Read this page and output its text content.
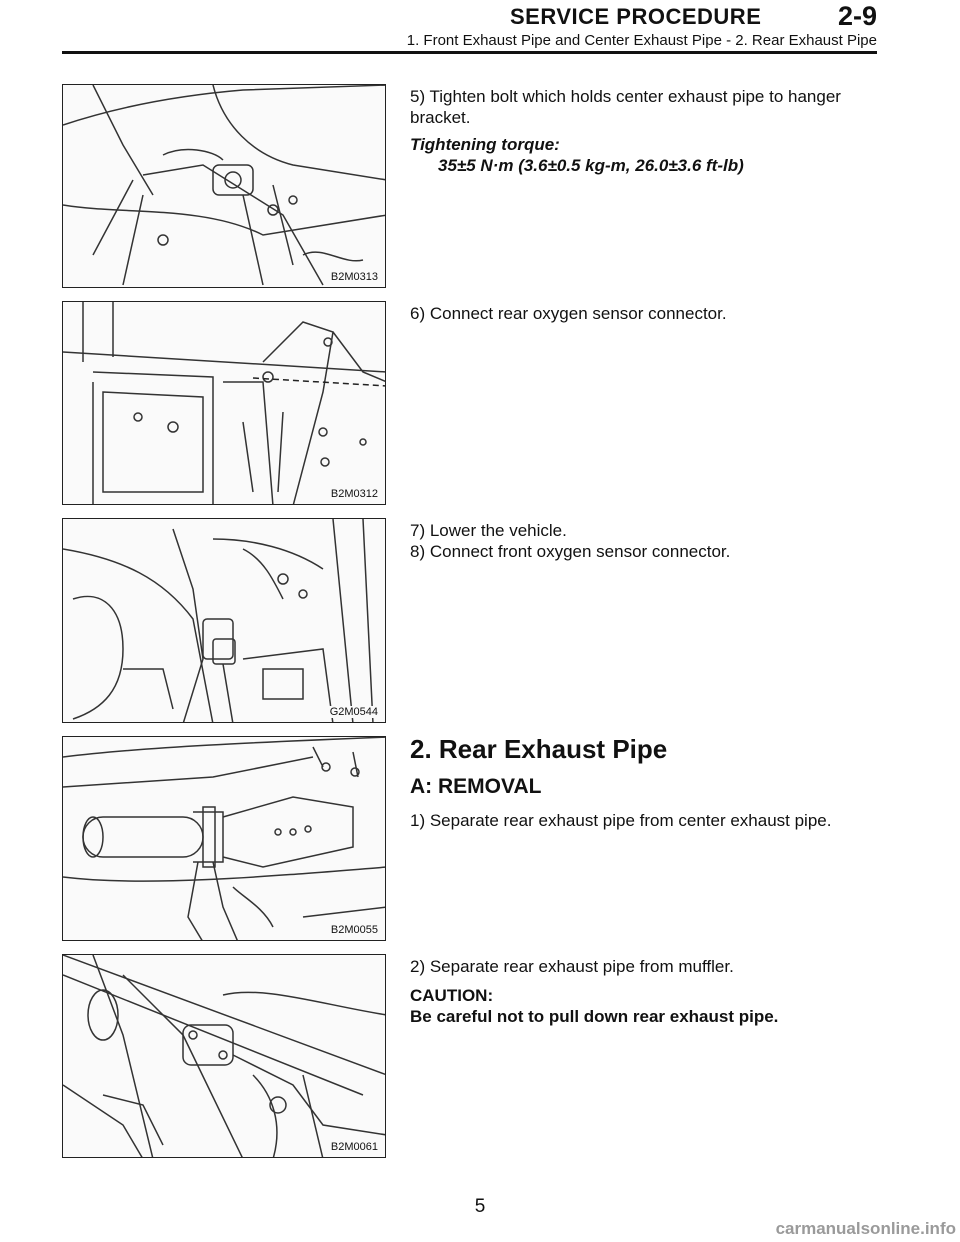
SERVICE PROCEDURE	2-9
1. Front Exhaust Pipe and Center Exhaust Pipe - 2. Rear Exhaust Pipe
B2M0313

5) Tighten bolt which holds center exhaust pipe to hanger bracket.

Tightening torque:

35±5 N·m (3.6±0.5 kg-m, 26.0±3.6 ft-lb)

B2M0312

6) Connect rear oxygen sensor connector.

G2M0544

7) Lower the vehicle.

8) Connect front oxygen sensor connector.

B2M0055

2. Rear Exhaust Pipe

A: REMOVAL

1) Separate rear exhaust pipe from center exhaust pipe.

B2M0061

2) Separate rear exhaust pipe from muffler.

CAUTION:

Be careful not to pull down rear exhaust pipe.

5
carmanualsonline.info
